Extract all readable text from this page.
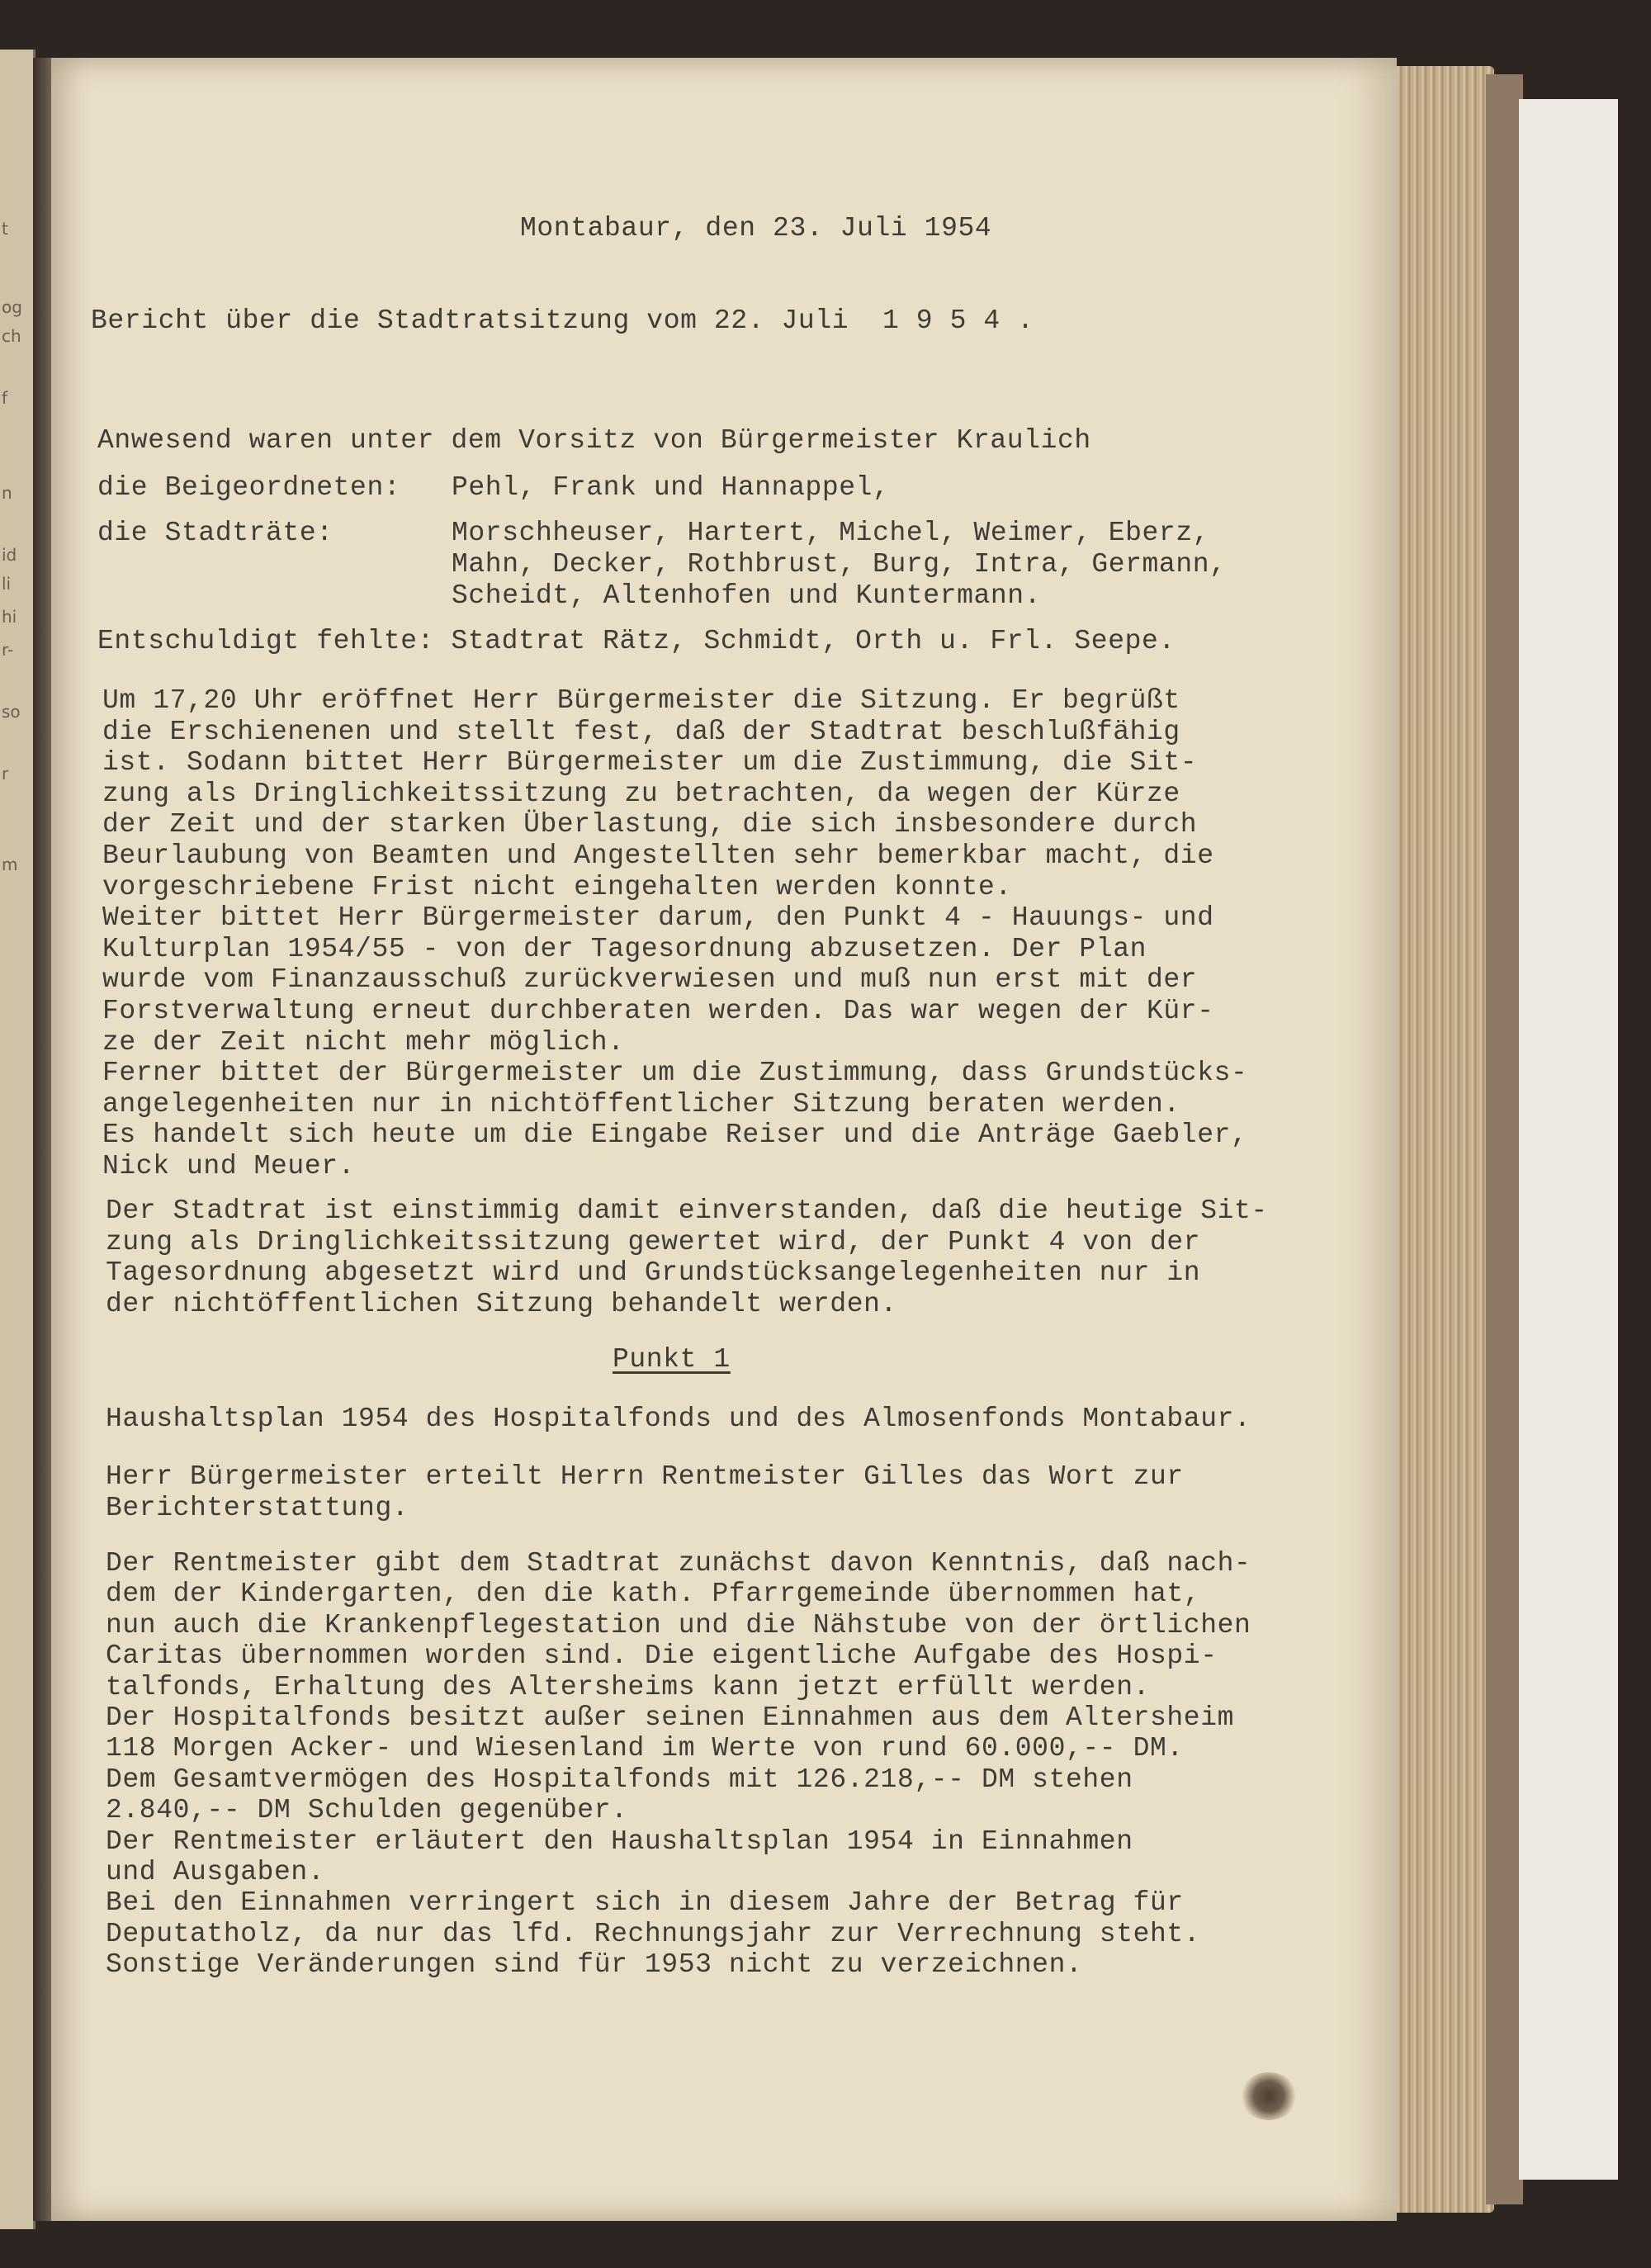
t
og
ch
f
n
id
li
hi
r-
so
r
m

Montabaur, den 23. Juli 1954

Bericht über die Stadtratsitzung vom 22. Juli  1 9 5 4 .

Anwesend waren unter dem Vorsitz von Bürgermeister Kraulich

die Beigeordneten: Pehl, Frank und Hannappel,

die Stadträte:	Morschheuser, Hartert, Michel, Weimer, Eberz,

Mahn, Decker, Rothbrust, Burg, Intra, Germann,

Scheidt, Altenhofen und Kuntermann.

Entschuldigt fehlte: Stadtrat Rätz, Schmidt, Orth u. Frl. Seepe.

Um 17,20 Uhr eröffnet Herr Bürgermeister die Sitzung. Er begrüßt

die Erschienenen und stellt fest, daß der Stadtrat beschlußfähig

ist. Sodann bittet Herr Bürgermeister um die Zustimmung, die Sit-

zung als Dringlichkeitssitzung zu betrachten, da wegen der Kürze

der Zeit und der starken Überlastung, die sich insbesondere durch

Beurlaubung von Beamten und Angestellten sehr bemerkbar macht, die

vorgeschriebene Frist nicht eingehalten werden konnte.

Weiter bittet Herr Bürgermeister darum, den Punkt 4 - Hauungs- und

Kulturplan 1954/55 - von der Tagesordnung abzusetzen. Der Plan

wurde vom Finanzausschuß zurückverwiesen und muß nun erst mit der

Forstverwaltung erneut durchberaten werden. Das war wegen der Kür-

ze der Zeit nicht mehr möglich.

Ferner bittet der Bürgermeister um die Zustimmung, dass Grundstücks-

angelegenheiten nur in nichtöffentlicher Sitzung beraten werden.

Es handelt sich heute um die Eingabe Reiser und die Anträge Gaebler,

Nick und Meuer.

Der Stadtrat ist einstimmig damit einverstanden, daß die heutige Sit-

zung als Dringlichkeitssitzung gewertet wird, der Punkt 4 von der

Tagesordnung abgesetzt wird und Grundstücksangelegenheiten nur in

der nichtöffentlichen Sitzung behandelt werden.

Punkt 1

Haushaltsplan 1954 des Hospitalfonds und des Almosenfonds Montabaur.

Herr Bürgermeister erteilt Herrn Rentmeister Gilles das Wort zur

Berichterstattung.

Der Rentmeister gibt dem Stadtrat zunächst davon Kenntnis, daß nach-

dem der Kindergarten, den die kath. Pfarrgemeinde übernommen hat,

nun auch die Krankenpflegestation und die Nähstube von der örtlichen

Caritas übernommen worden sind. Die eigentliche Aufgabe des Hospi-

talfonds, Erhaltung des Altersheims kann jetzt erfüllt werden.

Der Hospitalfonds besitzt außer seinen Einnahmen aus dem Altersheim

118 Morgen Acker- und Wiesenland im Werte von rund 60.000,-- DM.

Dem Gesamtvermögen des Hospitalfonds mit 126.218,-- DM stehen

2.840,-- DM Schulden gegenüber.

Der Rentmeister erläutert den Haushaltsplan 1954 in Einnahmen

und Ausgaben.

Bei den Einnahmen verringert sich in diesem Jahre der Betrag für

Deputatholz, da nur das lfd. Rechnungsjahr zur Verrechnung steht.

Sonstige Veränderungen sind für 1953 nicht zu verzeichnen.
